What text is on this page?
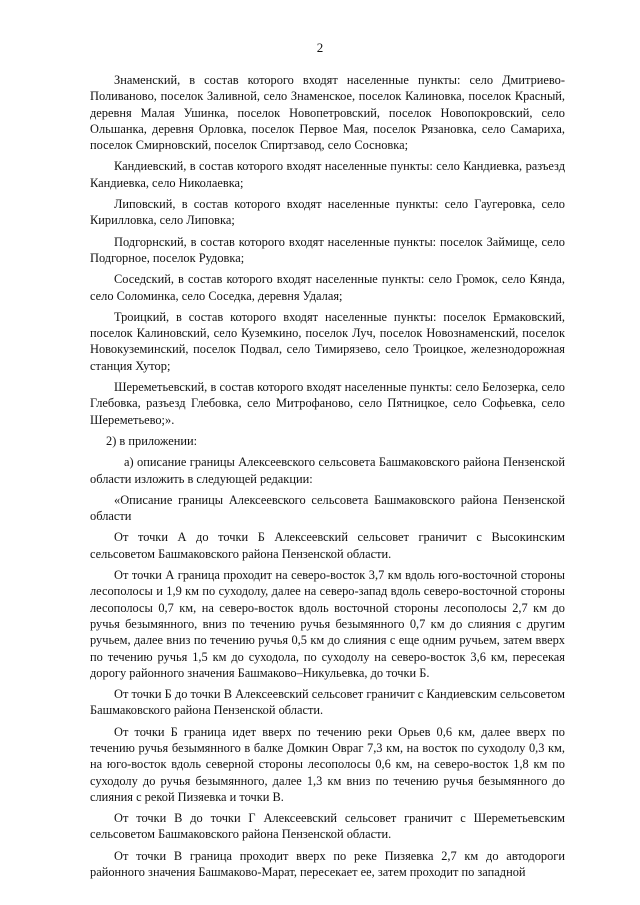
2

Знаменский, в состав которого входят населенные пункты: село Дмитриево-Поливаново, поселок Заливной, село Знаменское, поселок Калиновка, поселок Красный, деревня Малая Ушинка, поселок Новопетровский, поселок Новопокровский, село Ольшанка, деревня Орловка, поселок Первое Мая, поселок Рязановка, село Самариха, поселок Смирновский, поселок Спиртзавод, село Сосновка;

Кандиевский, в состав которого входят населенные пункты: село Кандиевка, разъезд Кандиевка, село Николаевка;

Липовский, в состав которого входят населенные пункты: село Гаугеровка, село Кирилловка, село Липовка;

Подгорнский, в состав которого входят населенные пункты: поселок Займище, село Подгорное, поселок Рудовка;

Соседский, в состав которого входят населенные пункты: село Громок, село Кянда, село Соломинка, село Соседка, деревня Удалая;

Троицкий, в состав которого входят населенные пункты: поселок Ермаковский, поселок Калиновский, село Куземкино, поселок Луч, поселок Новознаменский, поселок Новокуземинский, поселок Подвал, село Тимирязево, село Троицкое, железнодорожная станция Хутор;

Шереметьевский, в состав которого входят населенные пункты: село Белозерка, село Глебовка, разъезд Глебовка, село Митрофаново, село Пятницкое, село Софьевка, село Шереметьево;».

2) в приложении:

а) описание границы Алексеевского сельсовета Башмаковского района Пензенской области изложить в следующей редакции:

«Описание границы Алексеевского сельсовета Башмаковского района Пензенской области

От точки А до точки Б Алексеевский сельсовет граничит с Высокинским сельсоветом Башмаковского района Пензенской области.

От точки А граница проходит на северо-восток 3,7 км вдоль юго-восточной стороны лесополосы и 1,9 км по суходолу, далее на северо-запад вдоль северо-восточной стороны лесополосы 0,7 км, на северо-восток вдоль восточной стороны лесополосы 2,7 км до ручья безымянного, вниз по течению ручья безымянного 0,7 км до слияния с другим ручьем, далее вниз по течению ручья 0,5 км до слияния с еще одним ручьем, затем вверх по течению ручья 1,5 км до суходола, по суходолу на северо-восток 3,6 км, пересекая дорогу районного значения Башмаково–Никульевка, до точки Б.

От точки Б до точки В Алексеевский сельсовет граничит с Кандиевским сельсоветом Башмаковского района Пензенской области.

От точки Б граница идет вверх по течению реки Орьев 0,6 км, далее вверх по течению ручья безымянного в балке Домкин Овраг 7,3 км, на восток по суходолу 0,3 км, на юго-восток вдоль северной стороны лесополосы 0,6 км, на северо-восток 1,8 км по суходолу до ручья безымянного, далее 1,3 км вниз по течению ручья безымянного до слияния с рекой Пизяевка и точки В.

От точки В до точки Г Алексеевский сельсовет граничит с Шереметьевским сельсоветом Башмаковского района Пензенской области.

От точки В граница проходит вверх по реке Пизяевка 2,7 км до автодороги районного значения Башмаково-Марат, пересекает ее, затем проходит по западной
